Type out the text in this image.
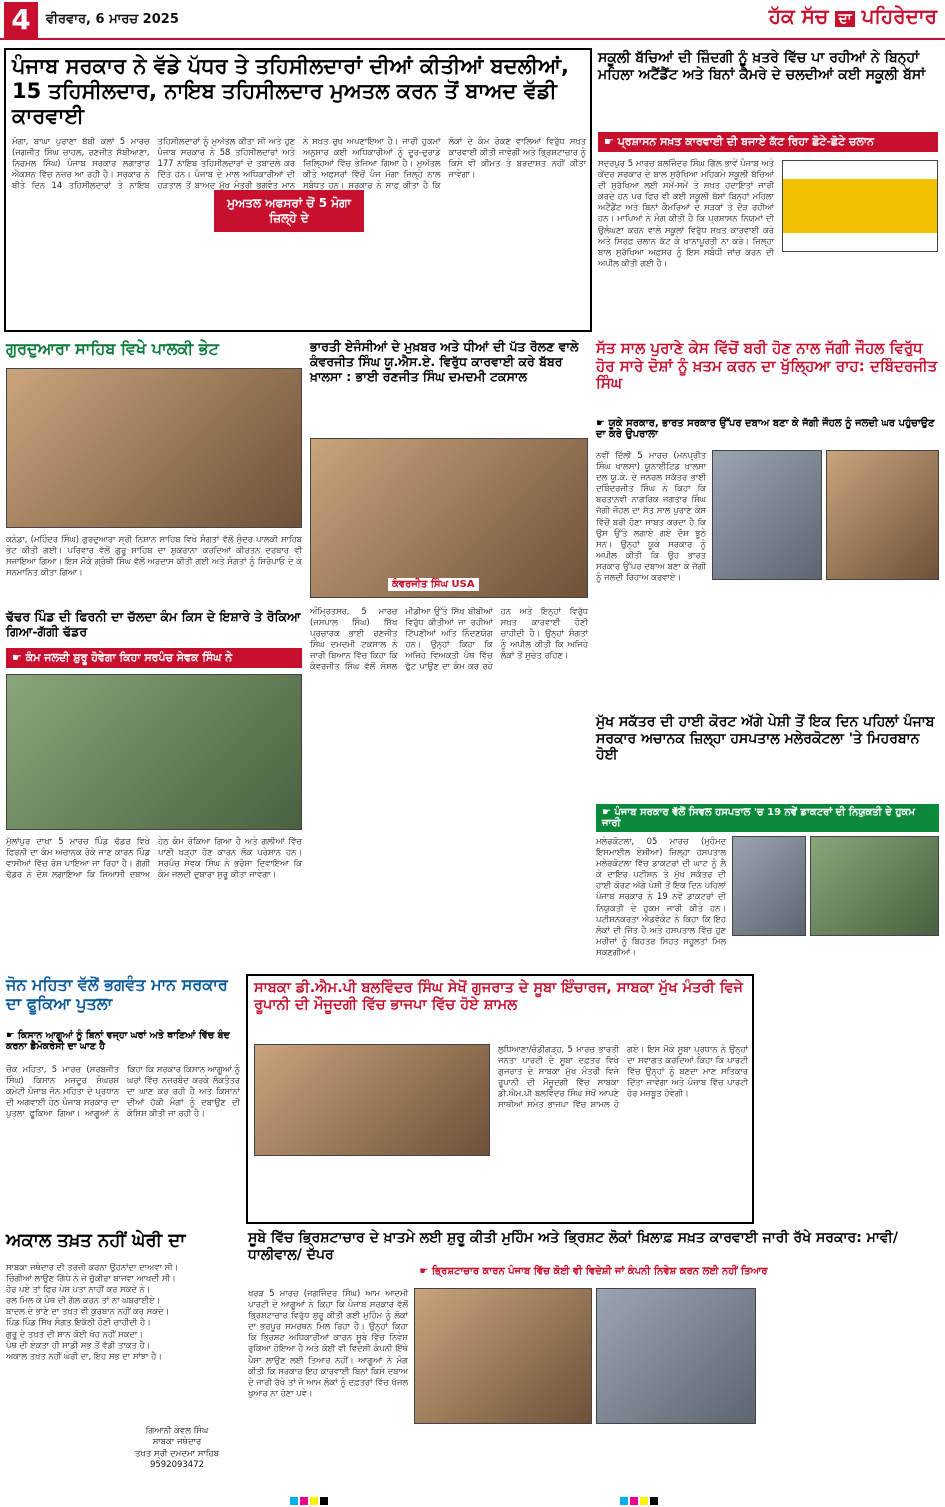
4	ਵੀਰਵਾਰ, 6 ਮਾਰਚ 2025	ਹੱਕ ਸੱਚ ਦਾ ਪਹਿਰੇਦਾਰ
ਪੰਜਾਬ ਸਰਕਾਰ ਨੇ ਵੱਡੇ ਪੱਧਰ ਤੇ ਤਹਿਸੀਲਦਾਰਾਂ ਦੀਆਂ ਕੀਤੀਆਂ ਬਦਲੀਆਂ, 15 ਤਹਿਸੀਲਦਾਰ, ਨਾਇਬ ਤਹਿਸੀਲਦਾਰ ਮੁਅਤਲ ਕਰਨ ਤੋਂ ਬਾਅਦ ਵੱਡੀ ਕਾਰਵਾਈ
ਮੋਗਾ, ਬਾਘਾ ਪੁਰਾਣਾ ਬੱਬੀ ਕਲਾਂ 5 ਮਾਰਚ (ਜਗਜੀਤ ਸਿੰਘ ਚਾਹਲ, ਰਣਜੀਤ ਸੱਬੀਆਣਾ, ਨਿਰਮਲ ਸਿੰਘ) ਪੰਜਾਬ ਸਰਕਾਰ ਲਗਾਤਾਰ ਐਕਸ਼ਨ ਵਿੱਚ ਨਜ਼ਰ ਆ ਰਹੀ ਹੈ। ਸਰਕਾਰ ਨੇ ਬੀਤੇ ਦਿਨ 14 ਤਹਿਸੀਲਦਾਰਾਂ ਤੇ ਨਾਇਬ ਤਹਿਸੀਲਦਾਰਾਂ ਨੂੰ ਮੁਅੱਤਲ ਕੀਤਾ ਸੀ ਅਤੇ ਹੁਣ ਪੰਜਾਬ ਸਰਕਾਰ ਨੇ 58 ਤਹਿਸੀਲਦਾਰਾਂ ਅਤੇ 177 ਨਾਇਬ ਤਹਿਸੀਲਦਾਰਾਂ ਦੇ ਤਬਾਦਲੇ ਕਰ ਦਿੱਤੇ ਹਨ। ਪੰਜਾਬ ਦੇ ਮਾਲ ਅਧਿਕਾਰੀਆਂ ਦੀ ਹੜਤਾਲ ਤੋਂ ਬਾਅਦ ਮੁੱਖ ਮੰਤਰੀ ਭਗਵੰਤ ਮਾਨ ਨੇ ਸਖ਼ਤ ਰੁਖ ਅਪਣਾਇਆ ਹੈ। ਜਾਰੀ ਹੁਕਮਾਂ ਅਨੁਸਾਰ ਕਈ ਅਧਿਕਾਰੀਆਂ ਨੂੰ ਦੂਰ-ਦੁਰਾਡੇ ਜ਼ਿਲ੍ਹਿਆਂ ਵਿੱਚ ਭੇਜਿਆ ਗਿਆ ਹੈ। ਮੁਅੱਤਲ ਕੀਤੇ ਅਫਸਰਾਂ ਵਿੱਚੋਂ ਪੰਜ ਮੋਗਾ ਜ਼ਿਲ੍ਹੇ ਨਾਲ ਸਬੰਧਤ ਹਨ। ਸਰਕਾਰ ਨੇ ਸਾਫ਼ ਕੀਤਾ ਹੈ ਕਿ ਲੋਕਾਂ ਦੇ ਕੰਮ ਰੋਕਣ ਵਾਲਿਆਂ ਵਿਰੁੱਧ ਸਖ਼ਤ ਕਾਰਵਾਈ ਕੀਤੀ ਜਾਵੇਗੀ ਅਤੇ ਭ੍ਰਿਸ਼ਟਾਚਾਰ ਨੂੰ ਕਿਸੇ ਵੀ ਕੀਮਤ ਤੇ ਬਰਦਾਸ਼ਤ ਨਹੀਂ ਕੀਤਾ ਜਾਵੇਗਾ।
ਮੁਅਤਲ ਅਫਸਰਾਂ ਚੋਂ 5 ਮੋਗਾ ਜ਼ਿਲ੍ਹੇ ਦੇ
ਸਕੂਲੀ ਬੱਚਿਆਂ ਦੀ ਜ਼ਿੰਦਗੀ ਨੂੰ ਖ਼ਤਰੇ ਵਿੱਚ ਪਾ ਰਹੀਆਂ ਨੇ ਬਿਨ੍ਹਾਂ ਮਹਿਲਾ ਅਟੈਂਡੈਂਟ ਅਤੇ ਬਿਨਾਂ ਕੈਮਰੇ ਦੇ ਚਲਦੀਆਂ ਕਈ ਸਕੂਲੀ ਬੱਸਾਂ
☛ ਪ੍ਰਸ਼ਾਸਨ ਸਖ਼ਤ ਕਾਰਵਾਈ ਦੀ ਬਜਾਏ ਕੱਟ ਰਿਹਾ ਛੋਟੇ-ਛੋਟੇ ਚਲਾਨ
ਸਦਰਪੁਰ 5 ਮਾਰਚ ਬਲਜਿੰਦਰ ਸਿੰਘ ਗਿੱਲ ਭਾਵੇਂ ਪੰਜਾਬ ਅਤੇ ਕੇਂਦਰ ਸਰਕਾਰ ਦੇ ਬਾਲ ਸੁਰੱਖਿਆ ਮਹਿਕਮੇ ਸਕੂਲੀ ਬੱਚਿਆਂ ਦੀ ਸੁਰੱਖਿਆ ਲਈ ਸਮੇਂ-ਸਮੇਂ ਤੇ ਸਖ਼ਤ ਹਦਾਇਤਾਂ ਜਾਰੀ ਕਰਦੇ ਹਨ ਪਰ ਫਿਰ ਵੀ ਕਈ ਸਕੂਲੀ ਬੱਸਾਂ ਬਿਨ੍ਹਾਂ ਮਹਿਲਾ ਅਟੈਂਡੈਂਟ ਅਤੇ ਬਿਨਾਂ ਕੈਮਰਿਆਂ ਦੇ ਸੜਕਾਂ ਤੇ ਦੌੜ ਰਹੀਆਂ ਹਨ। ਮਾਪਿਆਂ ਨੇ ਮੰਗ ਕੀਤੀ ਹੈ ਕਿ ਪ੍ਰਸ਼ਾਸਨ ਨਿਯਮਾਂ ਦੀ ਉਲੰਘਣਾ ਕਰਨ ਵਾਲੇ ਸਕੂਲਾਂ ਵਿਰੁੱਧ ਸਖ਼ਤ ਕਾਰਵਾਈ ਕਰੇ ਅਤੇ ਸਿਰਫ਼ ਚਲਾਨ ਕੱਟ ਕੇ ਖਾਨਾਪੂਰਤੀ ਨਾ ਕਰੇ। ਜ਼ਿਲ੍ਹਾ ਬਾਲ ਸੁਰੱਖਿਆ ਅਫ਼ਸਰ ਨੂੰ ਇਸ ਸਬੰਧੀ ਜਾਂਚ ਕਰਨ ਦੀ ਅਪੀਲ ਕੀਤੀ ਗਈ ਹੈ।
ਗੁਰਦੁਆਰਾ ਸਾਹਿਬ ਵਿਖੇ ਪਾਲਕੀ ਭੇਟ
ਕਨੇਡਾ, (ਮਹਿੰਦਰ ਸਿੰਘ) ਗੁਰਦੁਆਰਾ ਸ੍ਰੀ ਨਿਸ਼ਾਨ ਸਾਹਿਬ ਵਿਖੇ ਸੰਗਤਾਂ ਵੱਲੋਂ ਸੁੰਦਰ ਪਾਲਕੀ ਸਾਹਿਬ ਭੇਟ ਕੀਤੀ ਗਈ। ਪਰਿਵਾਰ ਵੱਲੋਂ ਗੁਰੂ ਸਾਹਿਬ ਦਾ ਸ਼ੁਕਰਾਨਾ ਕਰਦਿਆਂ ਕੀਰਤਨ ਦਰਬਾਰ ਵੀ ਸਜਾਇਆ ਗਿਆ। ਇਸ ਮੌਕੇ ਗ੍ਰੰਥੀ ਸਿੰਘ ਵੱਲੋਂ ਅਰਦਾਸ ਕੀਤੀ ਗਈ ਅਤੇ ਸੰਗਤਾਂ ਨੂੰ ਸਿਰੋਪਾਓ ਦੇ ਕੇ ਸਨਮਾਨਿਤ ਕੀਤਾ ਗਿਆ।
ਭਾਰਤੀ ਏਜੰਸੀਆਂ ਦੇ ਮੁਖ਼ਬਰ ਅਤੇ ਧੀਆਂ ਦੀ ਪੱਤ ਰੋਲਣ ਵਾਲੇ ਕੰਵਰਜੀਤ ਸਿੰਘ ਯੂ.ਐਸ.ਏ. ਵਿਰੁੱਧ ਕਾਰਵਾਈ ਕਰੇ ਬੱਬਰ ਖ਼ਾਲਸਾ : ਭਾਈ ਰਣਜੀਤ ਸਿੰਘ ਦਮਦਮੀ ਟਕਸਾਲ
ਕੰਵਰਜੀਤ ਸਿੰਘ USA
ਅੰਮ੍ਰਿਤਸਰ, 5 ਮਾਰਚ (ਜਸਪਾਲ ਸਿੰਘ) ਸਿੱਖ ਪ੍ਰਚਾਰਕ ਭਾਈ ਰਣਜੀਤ ਸਿੰਘ ਦਮਦਮੀ ਟਕਸਾਲ ਨੇ ਜਾਰੀ ਬਿਆਨ ਵਿੱਚ ਕਿਹਾ ਕਿ ਕੰਵਰਜੀਤ ਸਿੰਘ ਵੱਲੋਂ ਸੋਸ਼ਲ ਮੀਡੀਆ ਉੱਤੇ ਸਿੱਖ ਬੀਬੀਆਂ ਵਿਰੁੱਧ ਕੀਤੀਆਂ ਜਾ ਰਹੀਆਂ ਟਿੱਪਣੀਆਂ ਅਤਿ ਨਿੰਦਣਯੋਗ ਹਨ। ਉਨ੍ਹਾਂ ਕਿਹਾ ਕਿ ਅਜਿਹੇ ਵਿਅਕਤੀ ਪੰਥ ਵਿੱਚ ਫੁੱਟ ਪਾਉਣ ਦਾ ਕੰਮ ਕਰ ਰਹੇ ਹਨ ਅਤੇ ਇਨ੍ਹਾਂ ਵਿਰੁੱਧ ਸਖ਼ਤ ਕਾਰਵਾਈ ਹੋਣੀ ਚਾਹੀਦੀ ਹੈ। ਉਨ੍ਹਾਂ ਸੰਗਤਾਂ ਨੂੰ ਅਪੀਲ ਕੀਤੀ ਕਿ ਅਜਿਹੇ ਲੋਕਾਂ ਤੋਂ ਸੁਚੇਤ ਰਹਿਣ।
ਸੱਤ ਸਾਲ ਪੁਰਾਣੇ ਕੇਸ ਵਿੱਚੋਂ ਬਰੀ ਹੋਣ ਨਾਲ ਜੱਗੀ ਜੌਹਲ ਵਿਰੁੱਧ ਹੋਰ ਸਾਰੇ ਦੋਸ਼ਾਂ ਨੂੰ ਖ਼ਤਮ ਕਰਨ ਦਾ ਖੁੱਲ੍ਹਿਆ ਰਾਹ: ਦਬਿੰਦਰਜੀਤ ਸਿੰਘ
☛ ਯੂਕੇ ਸਰਕਾਰ, ਭਾਰਤ ਸਰਕਾਰ ਉੱਪਰ ਦਬਾਅ ਬਣਾ ਕੇ ਜੱਗੀ ਜੌਹਲ ਨੂੰ ਜਲਦੀ ਘਰ ਪਹੁੰਚਾਉਣ ਦਾ ਕਰੇ ਉਪਰਾਲਾ
ਨਵੀਂ ਦਿੱਲੀ 5 ਮਾਰਚ (ਮਨਪ੍ਰੀਤ ਸਿੰਘ ਖਾਲਸਾ) ਯੂਨਾਈਟਿਡ ਖ਼ਾਲਸਾ ਦਲ ਯੂ.ਕੇ. ਦੇ ਜਨਰਲ ਸਕੱਤਰ ਭਾਈ ਦਬਿੰਦਰਜੀਤ ਸਿੰਘ ਨੇ ਕਿਹਾ ਕਿ ਬਰਤਾਨਵੀ ਨਾਗਰਿਕ ਜਗਤਾਰ ਸਿੰਘ ਜੱਗੀ ਜੌਹਲ ਦਾ ਸੱਤ ਸਾਲ ਪੁਰਾਣੇ ਕੇਸ ਵਿੱਚੋਂ ਬਰੀ ਹੋਣਾ ਸਾਬਤ ਕਰਦਾ ਹੈ ਕਿ ਉਸ ਉੱਤੇ ਲਗਾਏ ਗਏ ਦੋਸ਼ ਝੂਠੇ ਸਨ। ਉਨ੍ਹਾਂ ਯੂਕੇ ਸਰਕਾਰ ਨੂੰ ਅਪੀਲ ਕੀਤੀ ਕਿ ਉਹ ਭਾਰਤ ਸਰਕਾਰ ਉੱਪਰ ਦਬਾਅ ਬਣਾ ਕੇ ਜੱਗੀ ਨੂੰ ਜਲਦੀ ਰਿਹਾਅ ਕਰਵਾਏ।
ਢੱਢਰ ਪਿੰਡ ਦੀ ਫਿਰਨੀ ਦਾ ਚੱਲਦਾ ਕੰਮ ਕਿਸ ਦੇ ਇਸ਼ਾਰੇ ਤੇ ਰੋਕਿਆ ਗਿਆ-ਗੱਗੀ ਢੱਡਰ
☛ ਕੰਮ ਜਲਦੀ ਸ਼ੁਰੂ ਹੋਵੇਗਾ ਕਿਹਾ ਸਰਪੰਚ ਸੇਵਕ ਸਿੰਘ ਨੇ
ਮੁੱਲਾਂਪੁਰ ਦਾਖਾ 5 ਮਾਰਚ ਪਿੰਡ ਢੱਡਰ ਵਿਖੇ ਫਿਰਨੀ ਦਾ ਕੰਮ ਅਚਾਨਕ ਰੋਕੇ ਜਾਣ ਕਾਰਨ ਪਿੰਡ ਵਾਸੀਆਂ ਵਿੱਚ ਰੋਸ ਪਾਇਆ ਜਾ ਰਿਹਾ ਹੈ। ਗੱਗੀ ਢੱਡਰ ਨੇ ਦੋਸ਼ ਲਗਾਇਆ ਕਿ ਸਿਆਸੀ ਦਬਾਅ ਹੇਠ ਕੰਮ ਰੋਕਿਆ ਗਿਆ ਹੈ ਅਤੇ ਗਲੀਆਂ ਵਿੱਚ ਪਾਣੀ ਖੜ੍ਹਾ ਹੋਣ ਕਾਰਨ ਲੋਕ ਪਰੇਸ਼ਾਨ ਹਨ। ਸਰਪੰਚ ਸੇਵਕ ਸਿੰਘ ਨੇ ਭਰੋਸਾ ਦਿਵਾਇਆ ਕਿ ਕੰਮ ਜਲਦੀ ਦੁਬਾਰਾ ਸ਼ੁਰੂ ਕੀਤਾ ਜਾਵੇਗਾ।
ਮੁੱਖ ਸਕੱਤਰ ਦੀ ਹਾਈ ਕੋਰਟ ਅੱਗੇ ਪੇਸ਼ੀ ਤੋਂ ਇਕ ਦਿਨ ਪਹਿਲਾਂ ਪੰਜਾਬ ਸਰਕਾਰ ਅਚਾਨਕ ਜ਼ਿਲ੍ਹਾ ਹਸਪਤਾਲ ਮਲੇਰਕੋਟਲਾ 'ਤੇ ਮਿਹਰਬਾਨ ਹੋਈ
☛ ਪੰਜਾਬ ਸਰਕਾਰ ਵੱਲੋਂ ਸਿਵਲ ਹਸਪਤਾਲ 'ਚ 19 ਨਵੇਂ ਡਾਕਟਰਾਂ ਦੀ ਨਿਯੁਕਤੀ ਦੇ ਹੁਕਮ ਜਾਰੀ
ਮਲੇਰਕੋਟਲਾ, 05 ਮਾਰਚ (ਮੁਹੰਮਦ ਇਸਮਾਈਲ ਏਸ਼ੀਆ) ਜ਼ਿਲ੍ਹਾ ਹਸਪਤਾਲ ਮਲੇਰਕੋਟਲਾ ਵਿੱਚ ਡਾਕਟਰਾਂ ਦੀ ਘਾਟ ਨੂੰ ਲੈ ਕੇ ਦਾਇਰ ਪਟੀਸ਼ਨ ਤੇ ਮੁੱਖ ਸਕੱਤਰ ਦੀ ਹਾਈ ਕੋਰਟ ਅੱਗੇ ਪੇਸ਼ੀ ਤੋਂ ਇਕ ਦਿਨ ਪਹਿਲਾਂ ਪੰਜਾਬ ਸਰਕਾਰ ਨੇ 19 ਨਵੇਂ ਡਾਕਟਰਾਂ ਦੀ ਨਿਯੁਕਤੀ ਦੇ ਹੁਕਮ ਜਾਰੀ ਕੀਤੇ ਹਨ। ਪਟੀਸ਼ਨਕਰਤਾ ਐਡਵੋਕੇਟ ਨੇ ਕਿਹਾ ਕਿ ਇਹ ਲੋਕਾਂ ਦੀ ਜਿੱਤ ਹੈ ਅਤੇ ਹਸਪਤਾਲ ਵਿੱਚ ਹੁਣ ਮਰੀਜ਼ਾਂ ਨੂੰ ਬਿਹਤਰ ਸਿਹਤ ਸਹੂਲਤਾਂ ਮਿਲ ਸਕਣਗੀਆਂ।
ਜੋਨ ਮਹਿਤਾ ਵੱਲੋਂ ਭਗਵੰਤ ਮਾਨ ਸਰਕਾਰ ਦਾ ਫੂਕਿਆ ਪੁਤਲਾ
☛ ਕਿਸਾਨ ਆਗੂਆਂ ਨੂੰ ਬਿਨਾਂ ਵਜ੍ਹਾ ਘਰਾਂ ਅਤੇ ਥਾਣਿਆਂ ਵਿੱਚ ਬੰਦ ਕਰਨਾ ਡੈਮੋਕਰੇਸੀ ਦਾ ਘਾਣ ਹੈ
ਚੌਕ ਮਹਿਤਾ, 5 ਮਾਰਚ (ਸਰਬਜੀਤ ਸਿੰਘ) ਕਿਸਾਨ ਮਜ਼ਦੂਰ ਸੰਘਰਸ਼ ਕਮੇਟੀ ਪੰਜਾਬ ਜੋਨ ਮਹਿਤਾ ਦੇ ਪ੍ਰਧਾਨ ਦੀ ਅਗਵਾਈ ਹੇਠ ਪੰਜਾਬ ਸਰਕਾਰ ਦਾ ਪੁਤਲਾ ਫੂਕਿਆ ਗਿਆ। ਆਗੂਆਂ ਨੇ ਕਿਹਾ ਕਿ ਸਰਕਾਰ ਕਿਸਾਨ ਆਗੂਆਂ ਨੂੰ ਘਰਾਂ ਵਿੱਚ ਨਜ਼ਰਬੰਦ ਕਰਕੇ ਲੋਕਤੰਤਰ ਦਾ ਘਾਣ ਕਰ ਰਹੀ ਹੈ ਅਤੇ ਕਿਸਾਨਾਂ ਦੀਆਂ ਹੱਕੀ ਮੰਗਾਂ ਨੂੰ ਦਬਾਉਣ ਦੀ ਕੋਸ਼ਿਸ਼ ਕੀਤੀ ਜਾ ਰਹੀ ਹੈ।
ਸਾਬਕਾ ਡੀ.ਐਮ.ਪੀ ਬਲਵਿੰਦਰ ਸਿੰਘ ਸੇਖੋਂ ਗੁਜਰਾਤ ਦੇ ਸੂਬਾ ਇੰਚਾਰਜ, ਸਾਬਕਾ ਮੁੱਖ ਮੰਤਰੀ ਵਿਜੇ ਰੂਪਾਨੀ ਦੀ ਮੌਜੂਦਗੀ ਵਿੱਚ ਭਾਜਪਾ ਵਿੱਚ ਹੋਏ ਸ਼ਾਮਲ
ਲੁਧਿਆਣਾ/ਚੰਡੀਗੜ੍ਹ, 5 ਮਾਰਚ ਭਾਰਤੀ ਜਨਤਾ ਪਾਰਟੀ ਦੇ ਸੂਬਾ ਦਫ਼ਤਰ ਵਿਖੇ ਗੁਜਰਾਤ ਦੇ ਸਾਬਕਾ ਮੁੱਖ ਮੰਤਰੀ ਵਿਜੇ ਰੂਪਾਨੀ ਦੀ ਮੌਜੂਦਗੀ ਵਿੱਚ ਸਾਬਕਾ ਡੀ.ਐਮ.ਪੀ ਬਲਵਿੰਦਰ ਸਿੰਘ ਸੇਖੋਂ ਆਪਣੇ ਸਾਥੀਆਂ ਸਮੇਤ ਭਾਜਪਾ ਵਿੱਚ ਸ਼ਾਮਲ ਹੋ ਗਏ। ਇਸ ਮੌਕੇ ਸੂਬਾ ਪ੍ਰਧਾਨ ਨੇ ਉਨ੍ਹਾਂ ਦਾ ਸਵਾਗਤ ਕਰਦਿਆਂ ਕਿਹਾ ਕਿ ਪਾਰਟੀ ਵਿੱਚ ਉਨ੍ਹਾਂ ਨੂੰ ਬਣਦਾ ਮਾਣ ਸਤਿਕਾਰ ਦਿੱਤਾ ਜਾਵੇਗਾ ਅਤੇ ਪੰਜਾਬ ਵਿੱਚ ਪਾਰਟੀ ਹੋਰ ਮਜ਼ਬੂਤ ਹੋਵੇਗੀ।
ਅਕਾਲ ਤਖ਼ਤ ਨਹੀਂ ਘੇਰੀ ਦਾ
ਸਾਬਕਾ ਜਥੇਦਾਰ ਦੀ ਤਰਜ਼ੀ ਕਰਨਾ ਉਹਨਾਂਦਾ ਦਾਅਵਾ ਸੀ।
ਚਿੰਗੀਆਂ ਲਾਉਣ ਗਿੱਧੇ ਨੇ ਜੇ ਚੁੱਕੀਰਾ ਬਾਜਵਾ ਆਖਦੀ ਸੀ।
ਹੋਰ ਪਏ ਤਾਂ ਫਿਰ ਪੇਸ਼ ਪਤਾ ਨਾਹੀਂ ਕਰ ਸਕਦੇ ਨੇ।
ਰਲ ਮਿਲ ਕੇ ਪੰਥ ਦੀ ਗੱਲ ਕਰਨ ਤਾਂ ਨਾ ਘਬਰਾਈਏ।
ਬਾਦਲ ਦੇ ਭਾਣੇ ਦਾ ਤਖ਼ਤ ਵੀ ਕੁਰਬਾਨ ਨਹੀਂ ਕਰ ਸਕਦੇ।
ਪਿੰਡ ਪਿੰਡ ਸਿੱਖ ਸੰਗਤ ਇਕੱਠੀ ਹੋਣੀ ਚਾਹੀਦੀ ਹੈ।
ਗੁਰੂ ਦੇ ਤਖ਼ਤ ਦੀ ਸ਼ਾਨ ਕੋਈ ਖੋਹ ਨਹੀਂ ਸਕਦਾ।
ਪੰਥ ਦੀ ਏਕਤਾ ਹੀ ਸਾਡੀ ਸਭ ਤੋਂ ਵੱਡੀ ਤਾਕਤ ਹੈ।
ਅਕਾਲ ਤਖ਼ਤ ਨਹੀਂ ਘੇਰੀ ਦਾ, ਇਹ ਸਭ ਦਾ ਸਾਂਝਾ ਹੈ।
ਗਿਆਨੀ ਕੇਵਲ ਸਿੰਘ
ਸਾਬਕਾ ਜਥੇਦਾਰ
ਤਖ਼ਤ ਸ੍ਰੀ ਦਮਦਮਾ ਸਾਹਿਬ
9592093472
ਸੂਬੇ ਵਿੱਚ ਭ੍ਰਿਸ਼ਟਾਚਾਰ ਦੇ ਖ਼ਾਤਮੇ ਲਈ ਸ਼ੁਰੂ ਕੀਤੀ ਮੁਹਿੰਮ ਅਤੇ ਭ੍ਰਿਸ਼ਟ ਲੋਕਾਂ ਖ਼ਿਲਾਫ਼ ਸਖ਼ਤ ਕਾਰਵਾਈ ਜਾਰੀ ਰੱਖੇ ਸਰਕਾਰ: ਮਾਵੀ/ ਧਾਲੀਵਾਲ/ ਦੱਪਰ
☛ ਭ੍ਰਿਸ਼ਟਾਚਾਰ ਕਾਰਨ ਪੰਜਾਬ ਵਿੱਚ ਕੋਈ ਵੀ ਵਿਦੇਸ਼ੀ ਜਾਂ ਕੰਪਨੀ ਨਿਵੇਸ਼ ਕਰਨ ਲਈ ਨਹੀਂ ਤਿਆਰ
ਖਰੜ 5 ਮਾਰਚ (ਜਗਜਿੰਦਰ ਸਿੰਘ) ਆਮ ਆਦਮੀ ਪਾਰਟੀ ਦੇ ਆਗੂਆਂ ਨੇ ਕਿਹਾ ਕਿ ਪੰਜਾਬ ਸਰਕਾਰ ਵੱਲੋਂ ਭ੍ਰਿਸ਼ਟਾਚਾਰ ਵਿਰੁੱਧ ਸ਼ੁਰੂ ਕੀਤੀ ਗਈ ਮੁਹਿੰਮ ਨੂੰ ਲੋਕਾਂ ਦਾ ਭਰਪੂਰ ਸਮਰਥਨ ਮਿਲ ਰਿਹਾ ਹੈ। ਉਨ੍ਹਾਂ ਕਿਹਾ ਕਿ ਭ੍ਰਿਸ਼ਟ ਅਧਿਕਾਰੀਆਂ ਕਾਰਨ ਸੂਬੇ ਵਿੱਚ ਨਿਵੇਸ਼ ਰੁਕਿਆ ਹੋਇਆ ਹੈ ਅਤੇ ਕੋਈ ਵੀ ਵਿਦੇਸ਼ੀ ਕੰਪਨੀ ਇੱਥੇ ਪੈਸਾ ਲਾਉਣ ਲਈ ਤਿਆਰ ਨਹੀਂ। ਆਗੂਆਂ ਨੇ ਮੰਗ ਕੀਤੀ ਕਿ ਸਰਕਾਰ ਇਹ ਕਾਰਵਾਈ ਬਿਨਾਂ ਕਿਸੇ ਦਬਾਅ ਦੇ ਜਾਰੀ ਰੱਖੇ ਤਾਂ ਜੋ ਆਮ ਲੋਕਾਂ ਨੂੰ ਦਫ਼ਤਰਾਂ ਵਿੱਚ ਖੱਜਲ ਖੁਆਰ ਨਾ ਹੋਣਾ ਪਵੇ।
